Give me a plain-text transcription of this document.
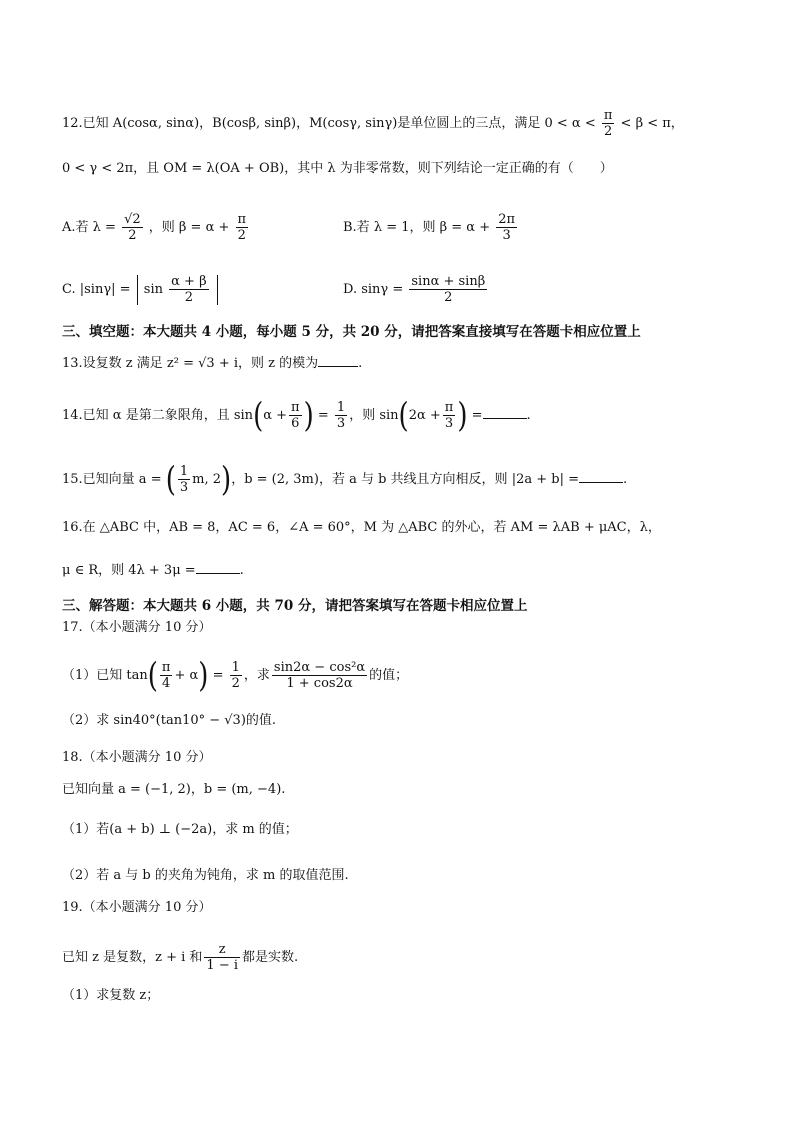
12.已知 A(cosα, sinα)，B(cosβ, sinβ)，M(cosγ, sinγ)是单位圆上的三点，满足 $0 < \alpha < \frac{\pi}{2} < \beta < \pi$，
0 < γ < 2π，且 OM = λ(OA + OB)，其中 λ 为非零常数，则下列结论一定正确的有（　　）
A.若 $\lambda = \frac{√2}{2}$ ，则 $\beta = \alpha + \frac{\pi}{2}$	B.若 λ = 1，则 $\beta = \alpha + \frac{2\pi}{3}$
C. $|\sin\gamma| = \sin \frac{\alpha + \beta}{2}$
	D. $\sin\gamma = \frac{\sin\alpha + \sin\beta}{2}$
三、填空题：本大题共 4 小题，每小题 5 分，共 20 分，请把答案直接填写在答题卡相应位置上
13.设复数 z 满足 z² = √3 + i，则 z 的模为	.
14.已知 α 是第二象限角，且 $\sin(\alpha + \frac{\pi}{6}$ ) = $\frac{1}{3}$ ，则 $\sin(2\alpha + \frac{\pi}{3}$ ) =	.
15.已知向量 a = ( $\frac{1}{3} m$, 2)，b = (2, 3m)，若 a 与 b 共线且方向相反，则 |2a + b| =	.
16.在 △ABC 中，AB = 8，AC = 6，∠A = 60°，M 为 △ABC 的外心，若 AM = λAB + μAC，λ，
μ ∈ R，则 4λ + 3μ =	.
三、解答题：本大题共 6 小题，共 70 分，请把答案填写在答题卡相应位置上
17.（本小题满分 10 分）
（1）已知 $\tan( \frac{\pi}{4} + \alpha) = \frac{1}{2}$ ，求 $\frac{\text{sin2α − cos²α}}{1 + \cos 2\alpha}$ 的值；
（2）求 sin40°(tan10° − √3)的值.
18.（本小题满分 10 分）
已知向量 a = (−1, 2)，b = (m, −4).
（1）若(a + b) ⊥ (−2a)，求 m 的值；
（2）若 a 与 b 的夹角为钝角，求 m 的取值范围.
19.（本小题满分 10 分）
已知 z 是复数，z + i 和 $\frac{z}{1 - i}$ 都是实数.
（1）求复数 z；
